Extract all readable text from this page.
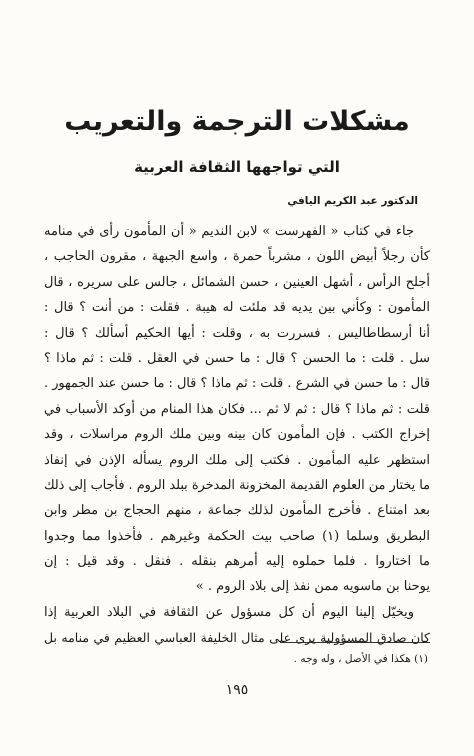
مشكلات الترجمة والتعريب
التي تواجهها الثقافة العربية

الدكتور عبد الكريم اليافي

جاء في كتاب « الفهرست » لابن النديم « أن المأمون رأى في منامه
كأن رجلاً أبيض اللون ، مشرباً حمرة ، واسع الجبهة ، مقرون الحاجب ،
أجلح الرأس ، أشهل العينين ، حسن الشمائل ، جالس على سريره ، قال
المأمون : وكأني بين يديه قد ملئت له هيبة . فقلت : من أنت ؟ قال :
أنا أرسطاطاليس . فسررت به ، وقلت : أيها الحكيم أسألك ؟ قال :
سل . قلت : ما الحسن ؟ قال : ما حسن في العقل . قلت : ثم ماذا ؟
قال : ما حسن في الشرع . قلت : ثم ماذا ؟ قال : ما حسن عند الجمهور .
قلت : ثم ماذا ؟ قال : ثم لا ثم ... فكان هذا المنام من أوكد الأسباب في
إخراج الكتب . فإن المأمون كان بينه وبين ملك الروم مراسلات ، وقد
استظهر عليه المأمون . فكتب إلى ملك الروم يسأله الإذن في إنفاذ
ما يختار من العلوم القديمة المخزونة المدخرة ببلد الروم . فأجاب إلى ذلك
بعد امتناع . فأخرج المأمون لذلك جماعة ، منهم الحجاج بن مطر وابن
البطريق وسلما (١) صاحب بيت الحكمة وغيرهم . فأخذوا مما وجدوا
ما اختاروا . فلما حملوه إليه أمرهم بنقله . فنقل . وقد قيل : إن
يوحنا بن ماسويه ممن نفذ إلى بلاد الروم . »
ويخيّل إلينا اليوم أن كل مسؤول عن الثقافة في البلاد العربية إذا
كان صادق المسؤولية يرى على مثال الخليفة العباسي العظيم في منامه بل

(١) هكذا في الأصل ، وله وجه .

١٩٥
